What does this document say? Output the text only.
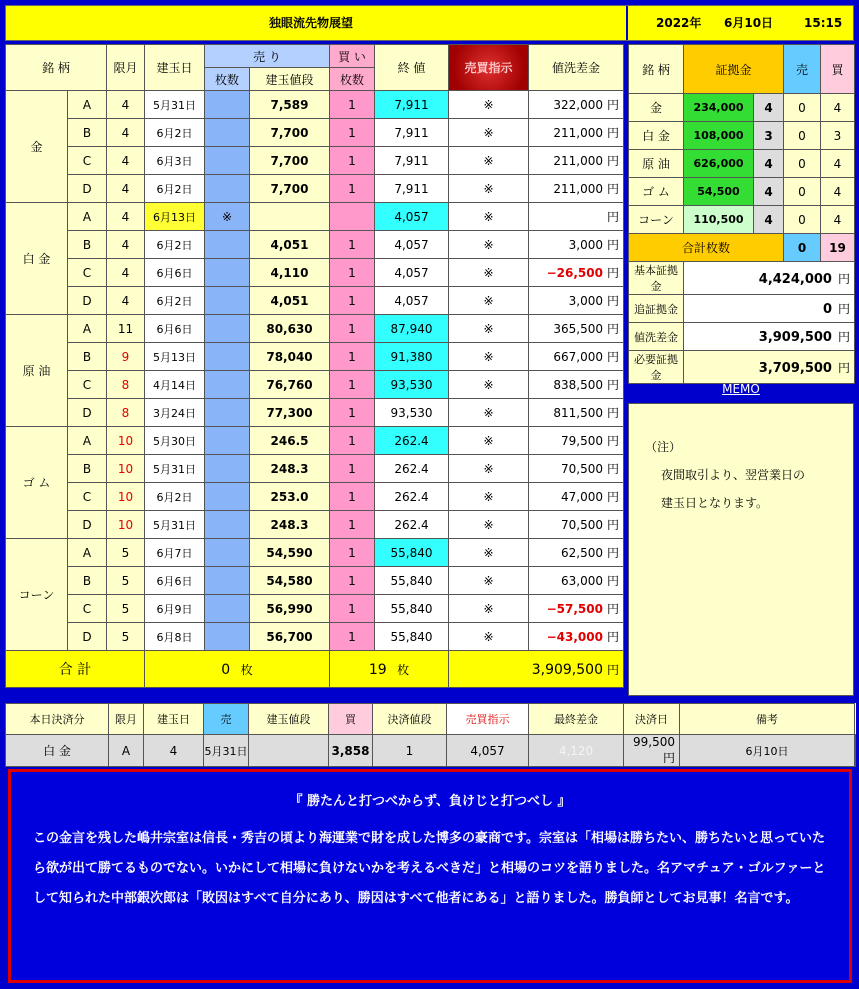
独眼流先物展望	2022年 6月10日	15:15
銘 柄		限月	建玉日	売 り		買 い	終 値	売買指示	値洗差金
				枚数	建玉値段	枚数			
金	A	4	5月31日		7,589	1	7,911	※	322,000 円
	B	4	6月2日		7,700	1	7,911	※	211,000 円
	C	4	6月3日		7,700	1	7,911	※	211,000 円
	D	4	6月2日		7,700	1	7,911	※	211,000 円
白 金	A	4	6月13日	※			4,057	※	円
	B	4	6月2日		4,051	1	4,057	※	3,000 円
	C	4	6月6日		4,110	1	4,057	※	−26,500 円
	D	4	6月2日		4,051	1	4,057	※	3,000 円
原 油	A	11	6月6日		80,630	1	87,940	※	365,500 円
	B	9	5月13日		78,040	1	91,380	※	667,000 円
	C	8	4月14日		76,760	1	93,530	※	838,500 円
	D	8	3月24日		77,300	1	93,530	※	811,500 円
ゴ ム	A	10	5月30日		246.5	1	262.4	※	79,500 円
	B	10	5月31日		248.3	1	262.4	※	70,500 円
	C	10	6月2日		253.0	1	262.4	※	47,000 円
	D	10	5月31日		248.3	1	262.4	※	70,500 円
コーン	A	5	6月7日		54,590	1	55,840	※	62,500 円
	B	5	6月6日		54,580	1	55,840	※	63,000 円
	C	5	6月9日		56,990	1	55,840	※	−57,500 円
	D	5	6月8日		56,700	1	55,840	※	−43,000 円
合 計			0 枚			19 枚		3,909,500 円	
銘 柄	証拠金		売	買
金	234,000	4	0	4
白 金	108,000	3	0	3
原 油	626,000	4	0	4
ゴ ム	54,500	4	0	4
コーン	110,500	4	0	4
合計枚数			0	19
基本証拠金	4,424,000 円			
追証拠金	0 円			
値洗差金	3,909,500 円			
必要証拠金	3,709,500 円			
MEMO

（注）

夜間取引より、翌営業日の

建玉日となります。

本日決済分	限月	建玉日	売	建玉値段	買	決済値段	売買指示	最終差金	決済日	備考	
白 金	A	4	5月31日		3,858	1	4,057	4,120	99,500円	6月10日	
『 勝たんと打つべからず、負けじと打つべし 』
この金言を残した嶋井宗室は信長・秀吉の頃より海運業で財を成した博多の豪商です。宗室は「相場は勝ちたい、勝ちたいと思っていたら欲が出て勝てるものでない。いかにして相場に負けないかを考えるべきだ」と相場のコツを語りました。名アマチュア・ゴルファーとして知られた中部銀次郎は「敗因はすべて自分にあり、勝因はすべて他者にある」と語りました。勝負師としてお見事！名言です。
